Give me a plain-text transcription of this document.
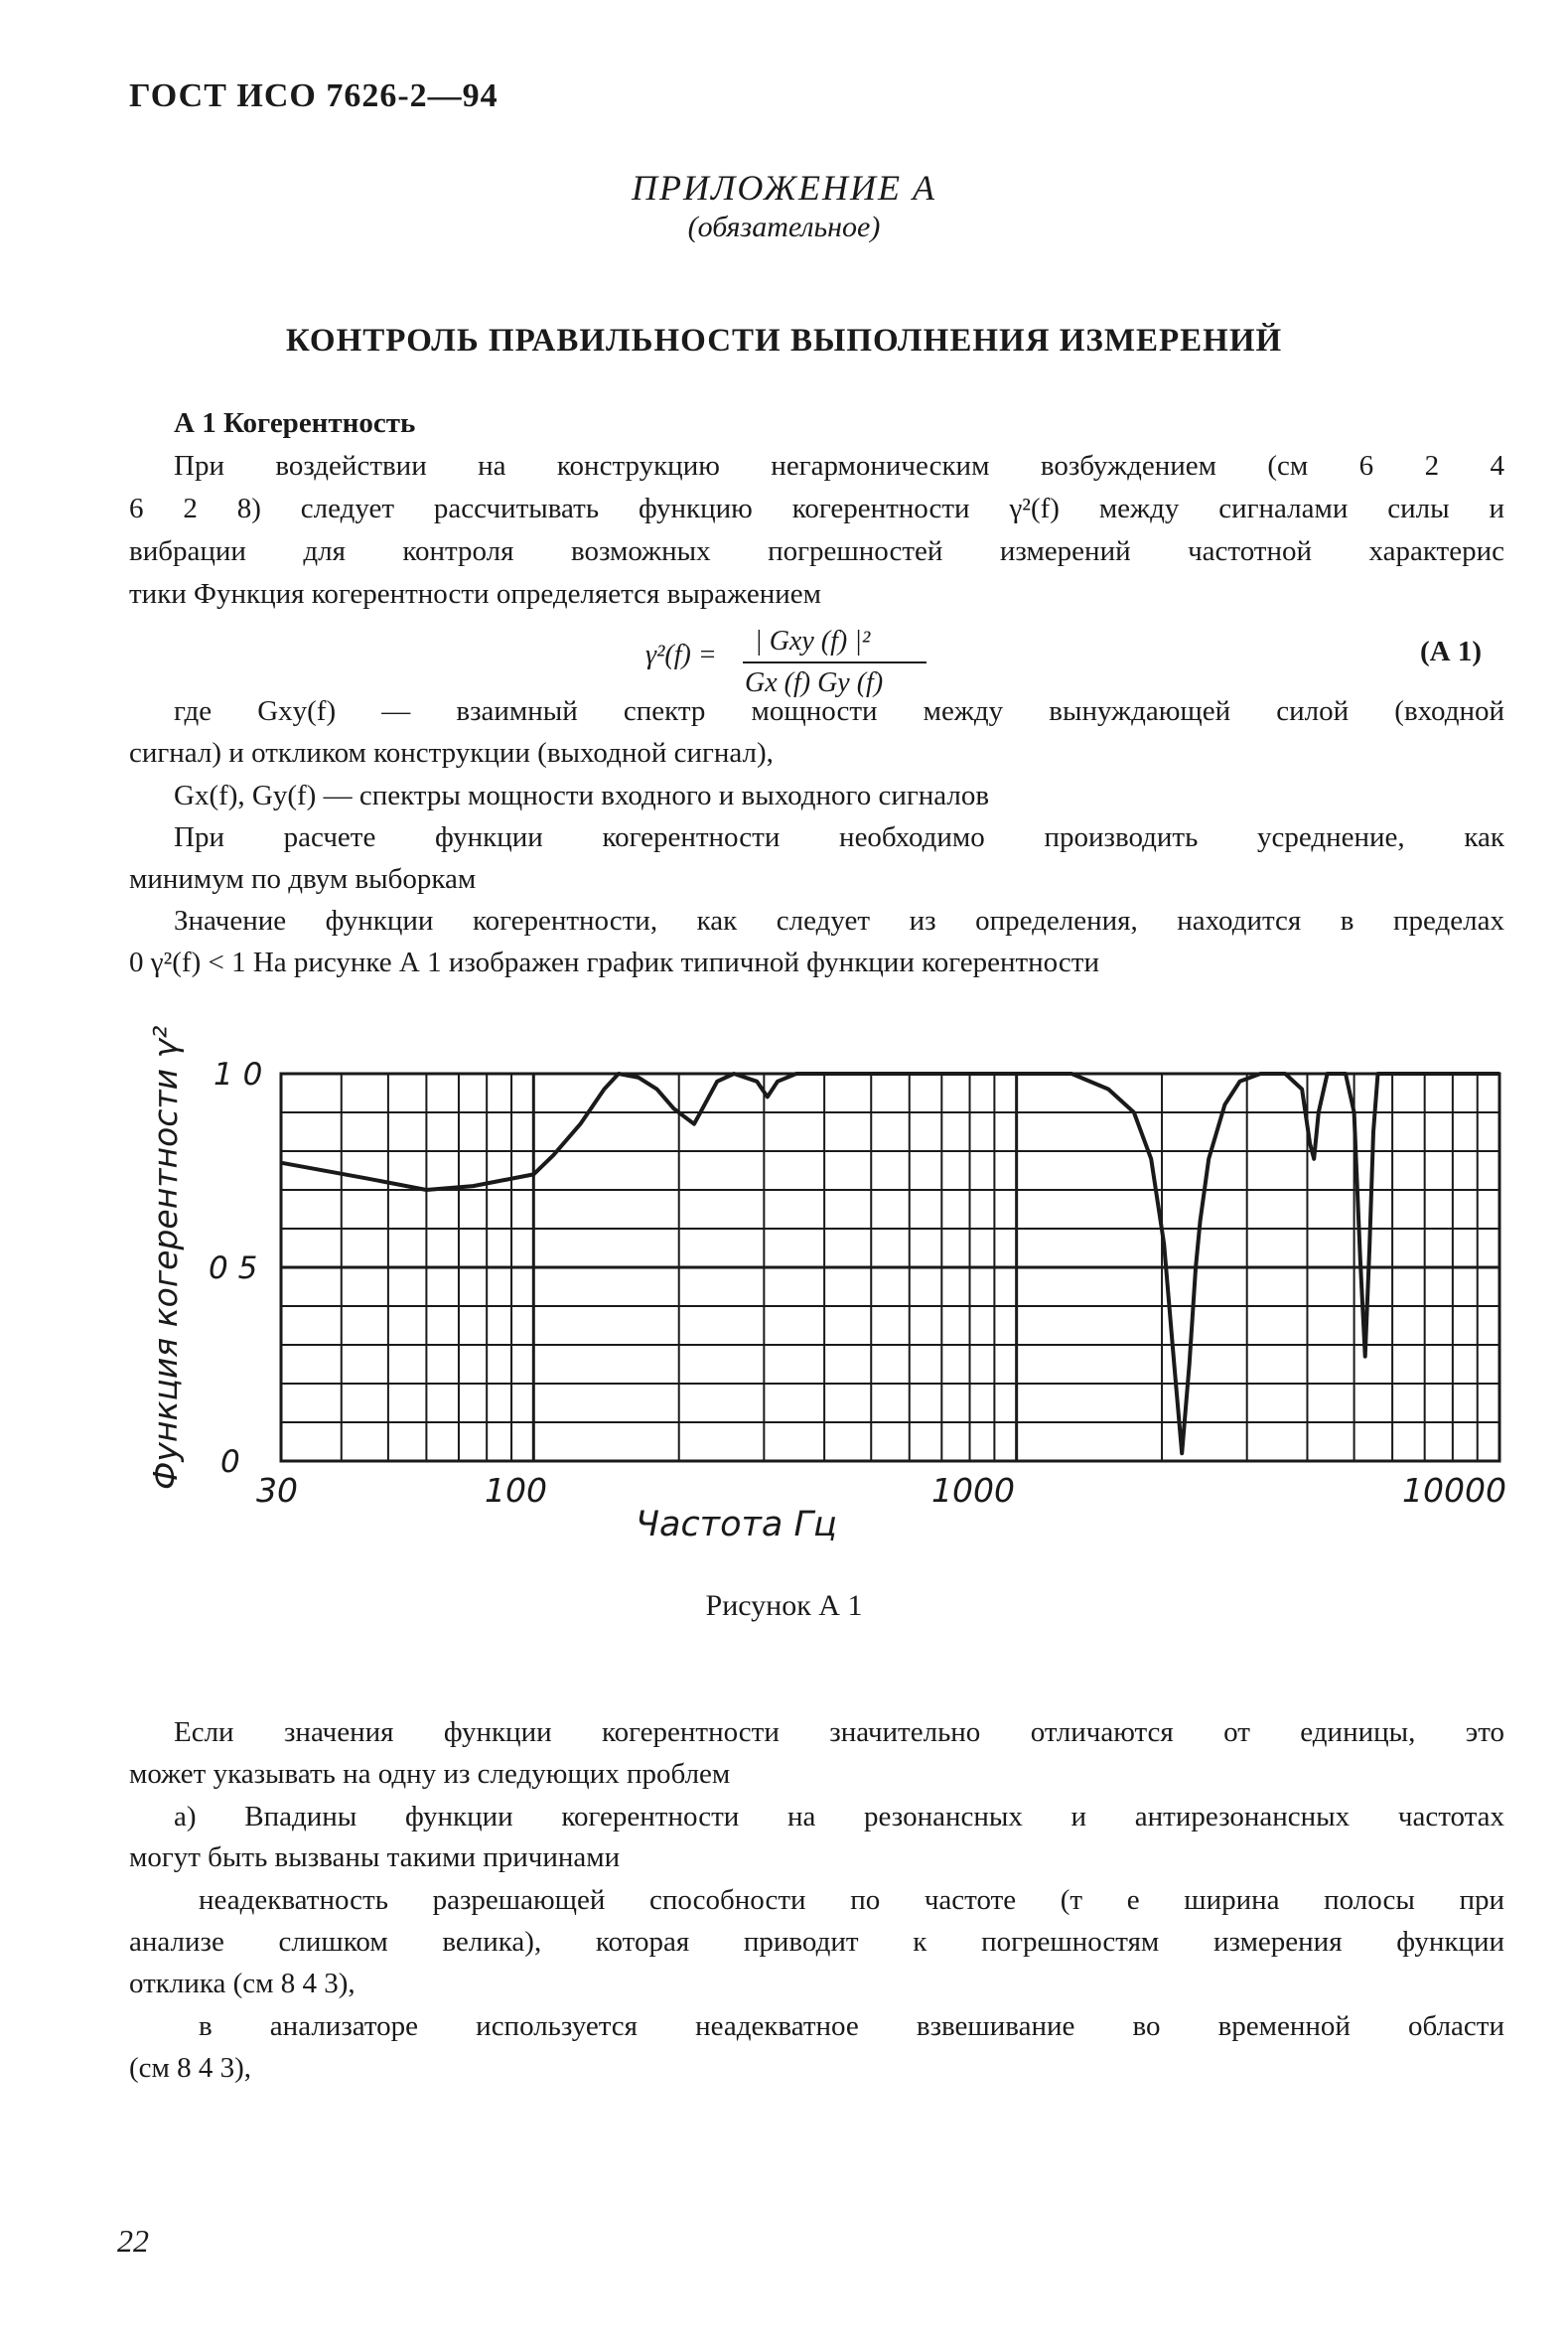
ГОСТ ИСО 7626-2—94
ПРИЛОЖЕНИЕ А
(обязательное)
КОНТРОЛЬ ПРАВИЛЬНОСТИ ВЫПОЛНЕНИЯ ИЗМЕРЕНИЙ
А 1 Когерентность
При воздействии на конструкцию негармоническим возбуждением (см 6 2 4
6 2 8) следует рассчитывать функцию когерентности γ²(f) между сигналами силы и
вибрации для контроля возможных погрешностей измерений частотной характерис
тики Функция когерентности определяется выражением
γ²(f) = | Gxy (f) |²
Gx (f) Gy (f)
(А 1)
где Gxy(f) — взаимный спектр мощности между вынуждающей силой (входной
сигнал) и откликом конструкции (выходной сигнал),
Gx(f), Gy(f) — спектры мощности входного и выходного сигналов
При расчете функции когерентности необходимо производить усреднение, как
минимум по двум выборкам
Значение функции когерентности, как следует из определения, находится в пределах
0 γ²(f) < 1 На рисунке А 1 изображен график типичной функции когерентности
1 0
0 5
0
30	100	1000	10000
Частота Гц
Функция когерентности γ²
Рисунок А 1
Если значения функции когерентности значительно отличаются от единицы, это
может указывать на одну из следующих проблем
а) Впадины функции когерентности на резонансных и антирезонансных частотах
могут быть вызваны такими причинами
неадекватность разрешающей способности по частоте (т е ширина полосы при
анализе слишком велика), которая приводит к погрешностям измерения функции
отклика (см 8 4 3),
в анализаторе используется неадекватное взвешивание во временной области
(см 8 4 3),
22
